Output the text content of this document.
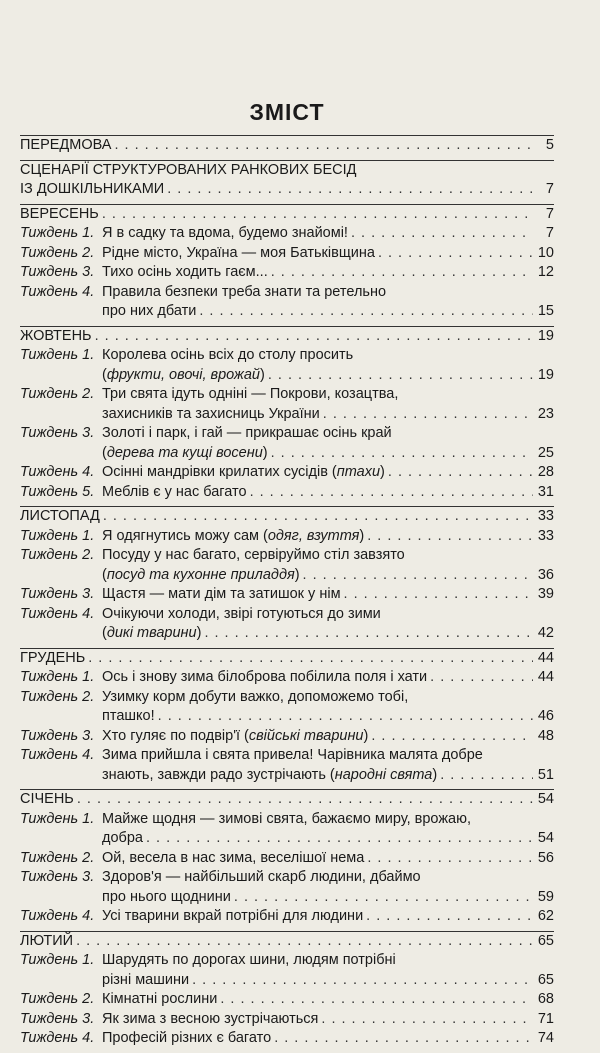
ЗМІСТ
ПЕРЕДМОВА . . .	5
СЦЕНАРІЇ СТРУКТУРОВАНИХ РАНКОВИХ БЕСІД
ІЗ ДОШКІЛЬНИКАМИ . . .	7
ВЕРЕСЕНЬ . . .	7
Тиждень 1. Я в садку та вдома, будемо знайомі! . . .	7
Тиждень 2. Рідне місто, Україна — моя Батьківщина . . .	10
Тиждень 3. Тихо осінь ходить гаєм... . . .	12
Тиждень 4. Правила безпеки треба знати та ретельно
про них дбати . . .	15
ЖОВТЕНЬ . . .	19
Тиждень 1. Королева осінь всіх до столу просить
(фрукти, овочі, врожай) . . .	19
Тиждень 2. Три свята ідуть одніні — Покрови, козацтва,
захисників та захисниць України . . .	23
Тиждень 3. Золоті і парк, і гай — прикрашає осінь край
(дерева та кущі восени) . . .	25
Тиждень 4. Осінні мандрівки крилатих сусідів (птахи) . . .	28
Тиждень 5. Меблів є у нас багато . . .	31
ЛИСТОПАД . . .	33
Тиждень 1. Я одягнутись можу сам (одяг, взуття) . . .	33
Тиждень 2. Посуду у нас багато, сервіруймо стіл завзято
(посуд та кухонне приладдя) . . .	36
Тиждень 3. Щастя — мати дім та затишок у нім . . .	39
Тиждень 4. Очікуючи холоди, звірі готуються до зими
(дикі тварини) . . .	42
ГРУДЕНЬ . . .	44
Тиждень 1. Ось і знову зима білоброва побілила поля і хати . . .	44
Тиждень 2. Узимку корм добути важко, допоможемо тобі,
пташко! . . .	46
Тиждень 3. Хто гуляє по подвір'ї (свійські тварини) . . .	48
Тиждень 4. Зима прийшла і свята привела! Чарівника малята добре
знають, завжди радо зустрічають (народні свята) . . .	51
СІЧЕНЬ . . .	54
Тиждень 1. Майже щодня — зимові свята, бажаємо миру, врожаю,
добра . . .	54
Тиждень 2. Ой, весела в нас зима, веселішої нема . . .	56
Тиждень 3. Здоров'я — найбільший скарб людини, дбаймо
про нього щоднини . . .	59
Тиждень 4. Усі тварини вкрай потрібні для людини . . .	62
ЛЮТИЙ . . .	65
Тиждень 1. Шарудять по дорогах шини, людям потрібні
різні машини . . .	65
Тиждень 2. Кімнатні рослини . . .	68
Тиждень 3. Як зима з весною зустрічаються . . .	71
Тиждень 4. Професій різних є багато . . .	74
